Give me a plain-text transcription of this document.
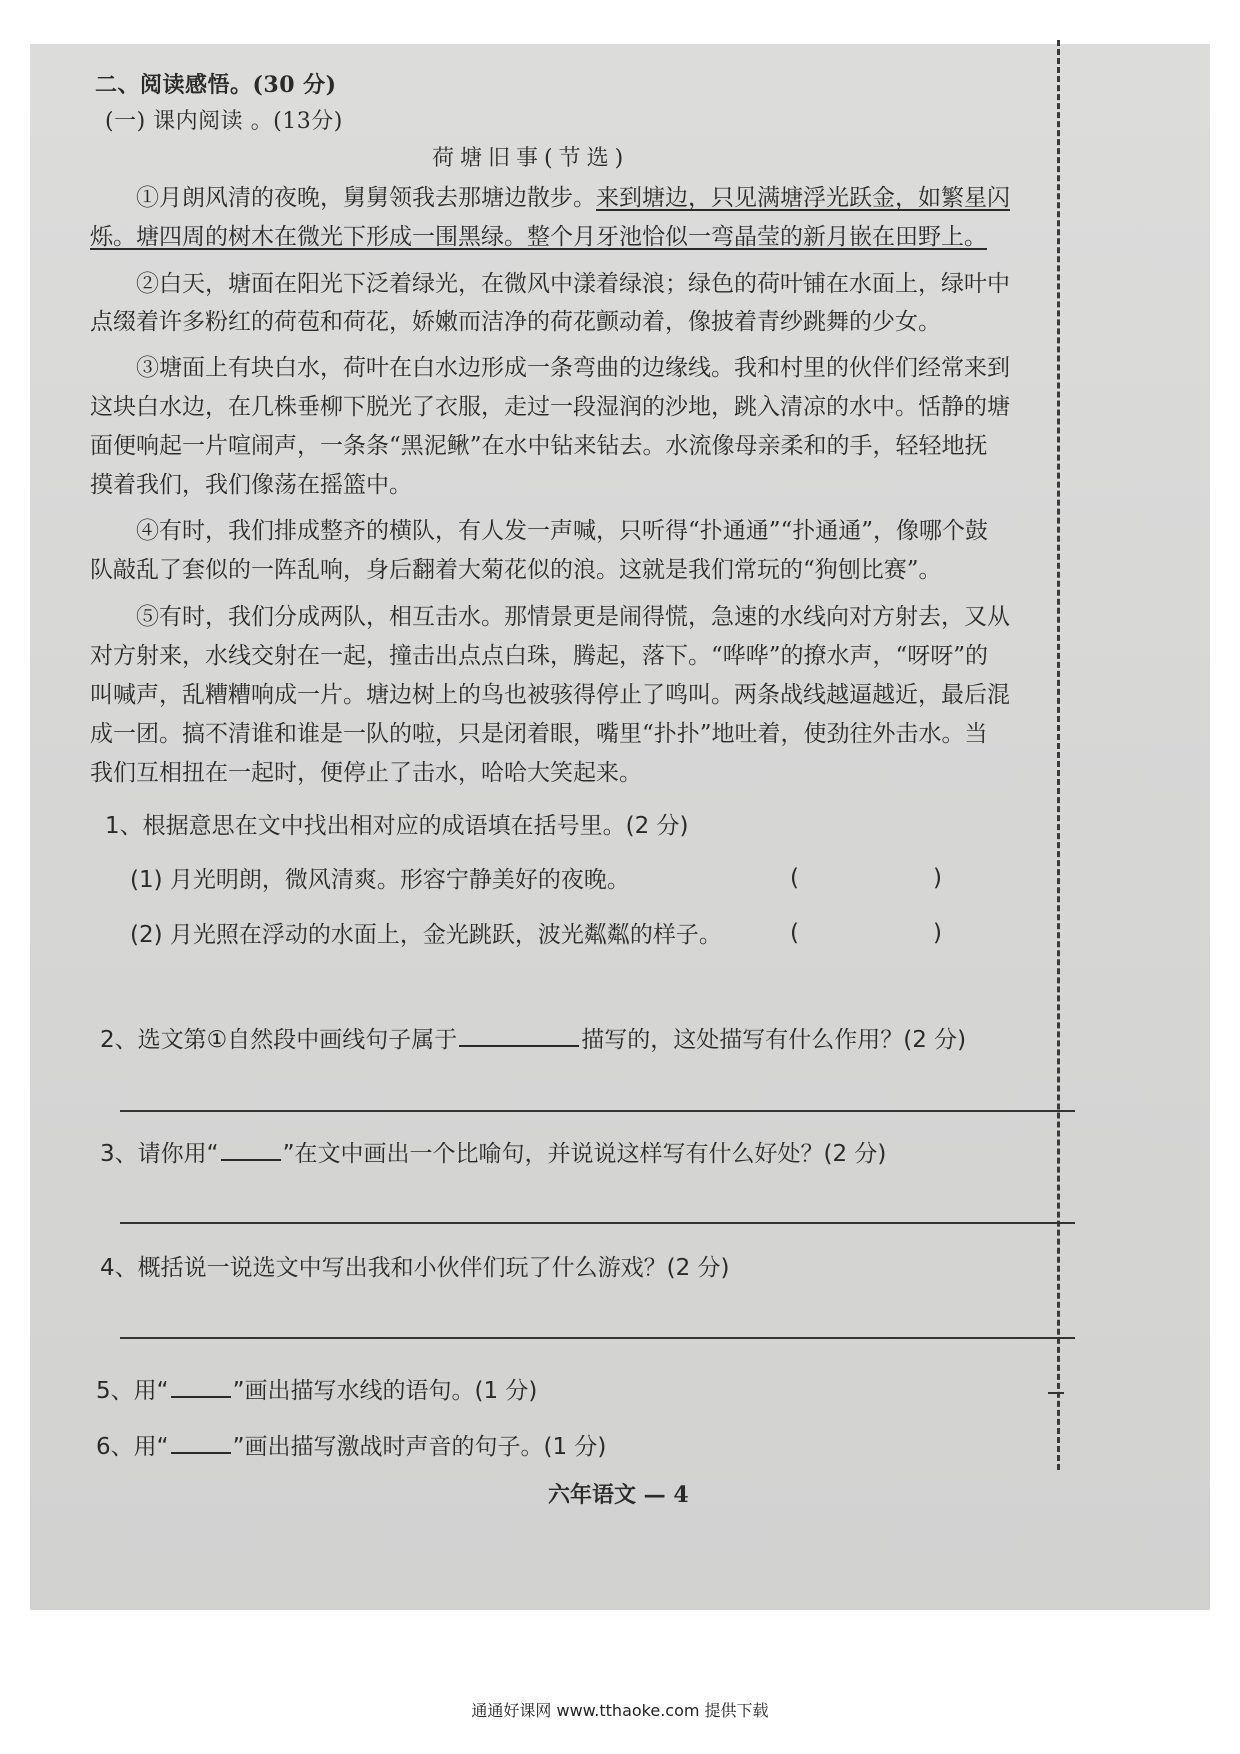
二、阅读感悟。(30 分)
(一) 课内阅读 。(13分)
荷塘旧事(节选)
①月朗风清的夜晚，舅舅领我去那塘边散步。来到塘边，只见满塘浮光跃金，如繁星闪
烁。塘四周的树木在微光下形成一围黑绿。整个月牙池恰似一弯晶莹的新月嵌在田野上。
②白天，塘面在阳光下泛着绿光，在微风中漾着绿浪；绿色的荷叶铺在水面上，绿叶中
点缀着许多粉红的荷苞和荷花，娇嫩而洁净的荷花颤动着，像披着青纱跳舞的少女。
③塘面上有块白水，荷叶在白水边形成一条弯曲的边缘线。我和村里的伙伴们经常来到
这块白水边，在几株垂柳下脱光了衣服，走过一段湿润的沙地，跳入清凉的水中。恬静的塘
面便响起一片喧闹声，一条条“黑泥鳅”在水中钻来钻去。水流像母亲柔和的手，轻轻地抚
摸着我们，我们像荡在摇篮中。
④有时，我们排成整齐的横队，有人发一声喊，只听得“扑通通”“扑通通”，像哪个鼓
队敲乱了套似的一阵乱响，身后翻着大菊花似的浪。这就是我们常玩的“狗刨比赛”。
⑤有时，我们分成两队，相互击水。那情景更是闹得慌，急速的水线向对方射去，又从
对方射来，水线交射在一起，撞击出点点白珠，腾起，落下。“哗哗”的撩水声，“呀呀”的
叫喊声，乱糟糟响成一片。塘边树上的鸟也被骇得停止了鸣叫。两条战线越逼越近，最后混
成一团。搞不清谁和谁是一队的啦，只是闭着眼，嘴里“扑扑”地吐着，使劲往外击水。当
我们互相扭在一起时，便停止了击水，哈哈大笑起来。
1、根据意思在文中找出相对应的成语填在括号里。(2 分)
(1) 月光明朗，微风清爽。形容宁静美好的夜晚。	(	)
(2) 月光照在浮动的水面上，金光跳跃，波光粼粼的样子。	(	)
2、选文第①自然段中画线句子属于	描写的，这处描写有什么作用？(2 分)
3、请你用“	”在文中画出一个比喻句，并说说这样写有什么好处？(2 分)
4、概括说一说选文中写出我和小伙伴们玩了什么游戏？(2 分)
5、用“	”画出描写水线的语句。(1 分)
6、用“	”画出描写激战时声音的句子。(1 分)
六年语文 — 4
通通好课网 www.tthaoke.com 提供下载
